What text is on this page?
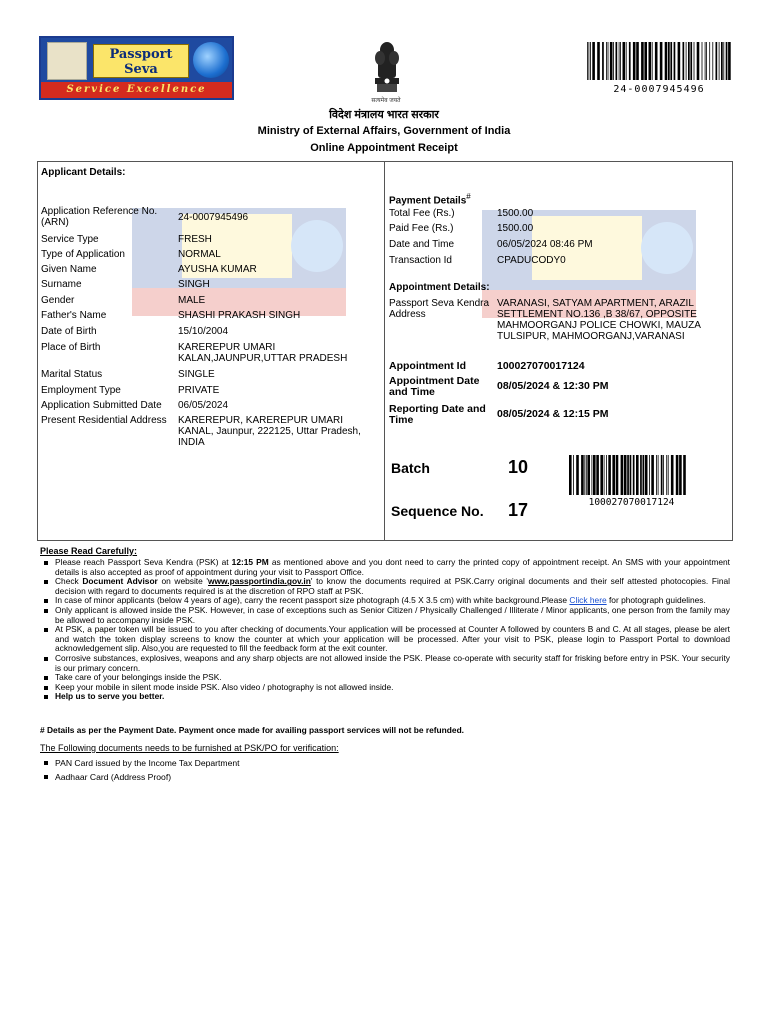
Passport
Seva
Service Excellence
सत्यमेव जयते
24-0007945496
विदेश मंत्रालय भारत सरकार
Ministry of External Affairs, Government of India
Online Appointment Receipt
Applicant Details:
Application Reference No. (ARN)	24-0007945496
Service Type	FRESH
Type of Application	NORMAL
Given Name	AYUSHA KUMAR
Surname	SINGH
Gender	MALE
Father's Name	SHASHI PRAKASH SINGH
Date of Birth	15/10/2004
Place of Birth	KAREREPUR UMARI KALAN,JAUNPUR,UTTAR PRADESH
Marital Status	SINGLE
Employment Type	PRIVATE
Application Submitted Date 06/05/2024
Present Residential Address	KAREREPUR, KAREREPUR UMARI KANAL, Jaunpur, 222125, Uttar Pradesh, INDIA
Payment Details#
Total Fee (Rs.)	1500.00
Paid Fee (Rs.)	1500.00
Date and Time	06/05/2024 08:46 PM
Transaction Id	CPADUCODY0
Appointment Details:
Passport Seva Kendra Address
VARANASI, SATYAM APARTMENT, ARAZIL SETTLEMENT NO.136 ,B 38/67, OPPOSITE MAHMOORGANJ POLICE CHOWKI, MAUZA TULSIPUR, MAHMOORGANJ,VARANASI
Appointment Id	100027070017124
Appointment Date and Time	08/05/2024 & 12:30 PM
Reporting Date and Time	08/05/2024 & 12:15 PM
Batch	10
Sequence No. 17	100027070017124
Please Read Carefully:
Please reach Passport Seva Kendra (PSK) at 12:15 PM as mentioned above and you dont need to carry the printed copy of appointment receipt. An SMS with your appointment details is also accepted as proof of appointment during your visit to Passport Office.
Check Document Advisor on website 'www.passportindia.gov.in' to know the documents required at PSK.Carry original documents and their self attested photocopies. Final decision with regard to documents required is at the discretion of RPO staff at PSK.
In case of minor applicants (below 4 years of age), carry the recent passport size photograph (4.5 X 3.5 cm) with white background.Please Click here for photograph guidelines.
Only applicant is allowed inside the PSK. However, in case of exceptions such as Senior Citizen / Physically Challenged / Illiterate / Minor applicants, one person from the family may be allowed to accompany inside PSK.
At PSK, a paper token will be issued to you after checking of documents.Your application will be processed at Counter A followed by counters B and C. At all stages, please be alert and watch the token display screens to know the counter at which your application will be processed. After your visit to PSK, please login to Passport Portal to download acknowledgement slip. Also,you are requested to fill the feedback form at the exit counter.
Corrosive substances, explosives, weapons and any sharp objects are not allowed inside the PSK. Please co-operate with security staff for frisking before entry in PSK. Your security is our primary concern.
Take care of your belongings inside the PSK.
Keep your mobile in silent mode inside PSK. Also video / photography is not allowed inside.
Help us to serve you better.
# Details as per the Payment Date. Payment once made for availing passport services will not be refunded.
The Following documents needs to be furnished at PSK/PO for verification:
PAN Card issued by the Income Tax Department
Aadhaar Card (Address Proof)
